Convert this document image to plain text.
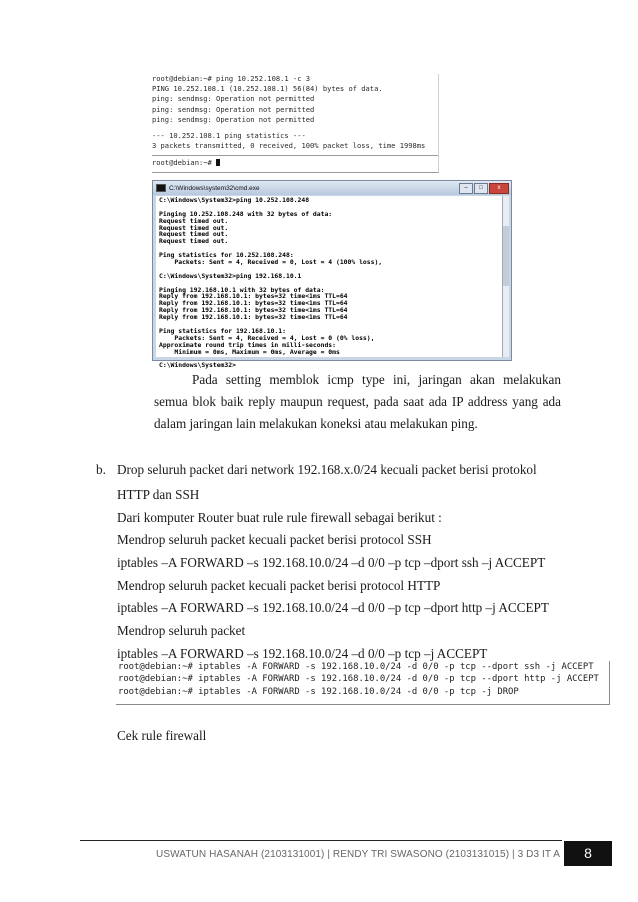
root@debian:~# ping 10.252.108.1 -c 3
PING 10.252.108.1 (10.252.108.1) 56(84) bytes of data.
ping: sendmsg: Operation not permitted
ping: sendmsg: Operation not permitted
ping: sendmsg: Operation not permitted
--- 10.252.108.1 ping statistics ---
3 packets transmitted, 0 received, 100% packet loss, time 1998ms
root@debian:~#
C:\Windows\system32\cmd.exe	–	□	x
C:\Windows\System32>ping 10.252.108.248
Pinging 10.252.108.248 with 32 bytes of data:
Request timed out.
Request timed out.
Request timed out.
Request timed out.
Ping statistics for 10.252.108.248:
Packets: Sent = 4, Received = 0, Lost = 4 (100% loss),
C:\Windows\System32>ping 192.168.10.1
Pinging 192.168.10.1 with 32 bytes of data:
Reply from 192.168.10.1: bytes=32 time<1ms TTL=64
Reply from 192.168.10.1: bytes=32 time<1ms TTL=64
Reply from 192.168.10.1: bytes=32 time<1ms TTL=64
Reply from 192.168.10.1: bytes=32 time<1ms TTL=64
Ping statistics for 192.168.10.1:
Packets: Sent = 4, Received = 4, Lost = 0 (0% loss),
Approximate round trip times in milli-seconds:
Minimum = 0ms, Maximum = 0ms, Average = 0ms
C:\Windows\System32>
Pada setting memblok icmp type ini, jaringan akan melakukan
semua blok baik reply maupun request, pada saat ada IP address yang ada
dalam jaringan lain melakukan koneksi atau melakukan ping.
b. Drop seluruh packet dari network 192.168.x.0/24 kecuali packet berisi protokol
HTTP dan SSH
Dari komputer Router buat rule rule firewall sebagai berikut :
Mendrop seluruh packet kecuali packet berisi protocol SSH
iptables –A FORWARD –s 192.168.10.0/24 –d 0/0 –p tcp –dport ssh –j ACCEPT
Mendrop seluruh packet kecuali packet berisi protocol HTTP
iptables –A FORWARD –s 192.168.10.0/24 –d 0/0 –p tcp –dport http –j ACCEPT
Mendrop seluruh packet
iptables –A FORWARD –s 192.168.10.0/24 –d 0/0 –p tcp –j ACCEPT
root@debian:~# iptables -A FORWARD -s 192.168.10.0/24 -d 0/0 -p tcp --dport ssh -j ACCEPT
root@debian:~# iptables -A FORWARD -s 192.168.10.0/24 -d 0/0 -p tcp --dport http -j ACCEPT
root@debian:~# iptables -A FORWARD -s 192.168.10.0/24 -d 0/0 -p tcp -j DROP
Cek rule firewall
USWATUN HASANAH (2103131001) | RENDY TRI SWASONO (2103131015) | 3 D3 IT A	8
